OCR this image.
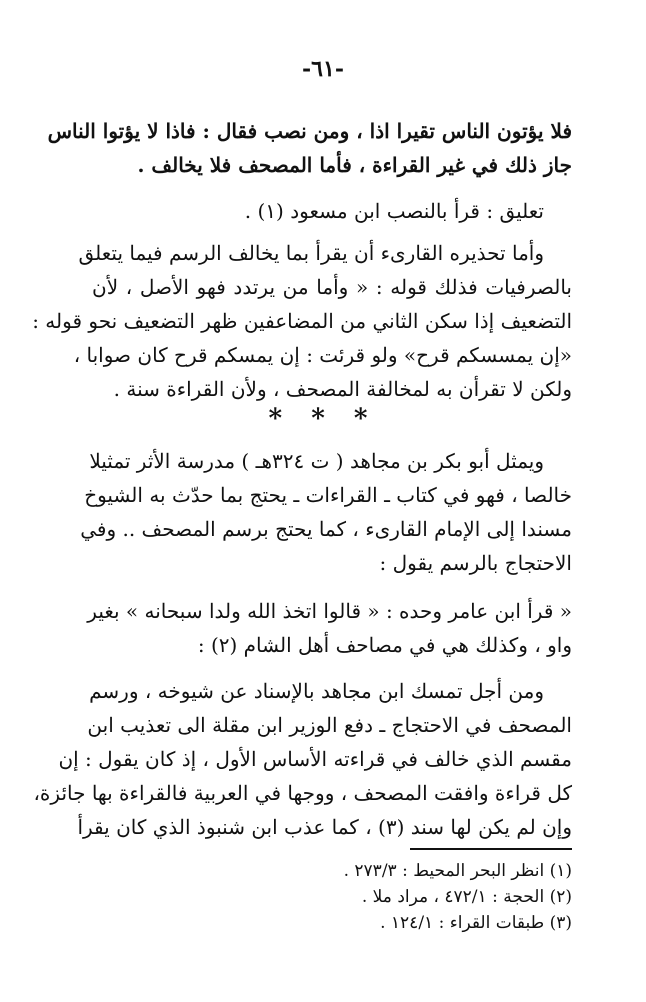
-٦١-
فلا يؤتون الناس تقيرا اذا ، ومن نصب فقال : فاذا لا يؤتوا الناس
جاز ذلك في غير القراءة ، فأما المصحف فلا يخالف .
تعليق : قرأ بالنصب ابن مسعود (١) .
وأما تحذيره القارىء أن يقرأ بما يخالف الرسم فيما يتعلق
بالصرفيات فذلك قوله : « وأما من يرتدد فهو الأصل ، لأن
التضعيف إذا سكن الثاني من المضاعفين ظهر التضعيف نحو قوله :
«إن يمسسكم قرح» ولو قرئت : إن يمسكم قرح كان صوابا ،
ولكن لا تقرأن به لمخالفة المصحف ، ولأن القراءة سنة .
* * *
ويمثل أبو بكر بن مجاهد ( ت ٣٢٤هـ ) مدرسة الأثر تمثيلا
خالصا ، فهو في كتاب ـ القراءات ـ يحتج بما حدّث به الشيوخ
مسندا إلى الإمام القارىء ، كما يحتج برسم المصحف .. وفي
الاحتجاج بالرسم يقول :
« قرأ ابن عامر وحده : « قالوا اتخذ الله ولدا سبحانه » بغير
واو ، وكذلك هي في مصاحف أهل الشام (٢) :
ومن أجل تمسك ابن مجاهد بالإسناد عن شيوخه ، ورسم
المصحف في الاحتجاج ـ دفع الوزير ابن مقلة الى تعذيب ابن
مقسم الذي خالف في قراءته الأساس الأول ، إذ كان يقول : إن
كل قراءة وافقت المصحف ، ووجها في العربية فالقراءة بها جائزة،
وإن لم يكن لها سند (٣) ، كما عذب ابن شنبوذ الذي كان يقرأ
(١) انظر البحر المحيط : ٢٧٣/٣ .
(٢) الحجة : ٤٧٢/١ ، مراد ملا .
(٣) طبقات القراء : ١٢٤/١ .
